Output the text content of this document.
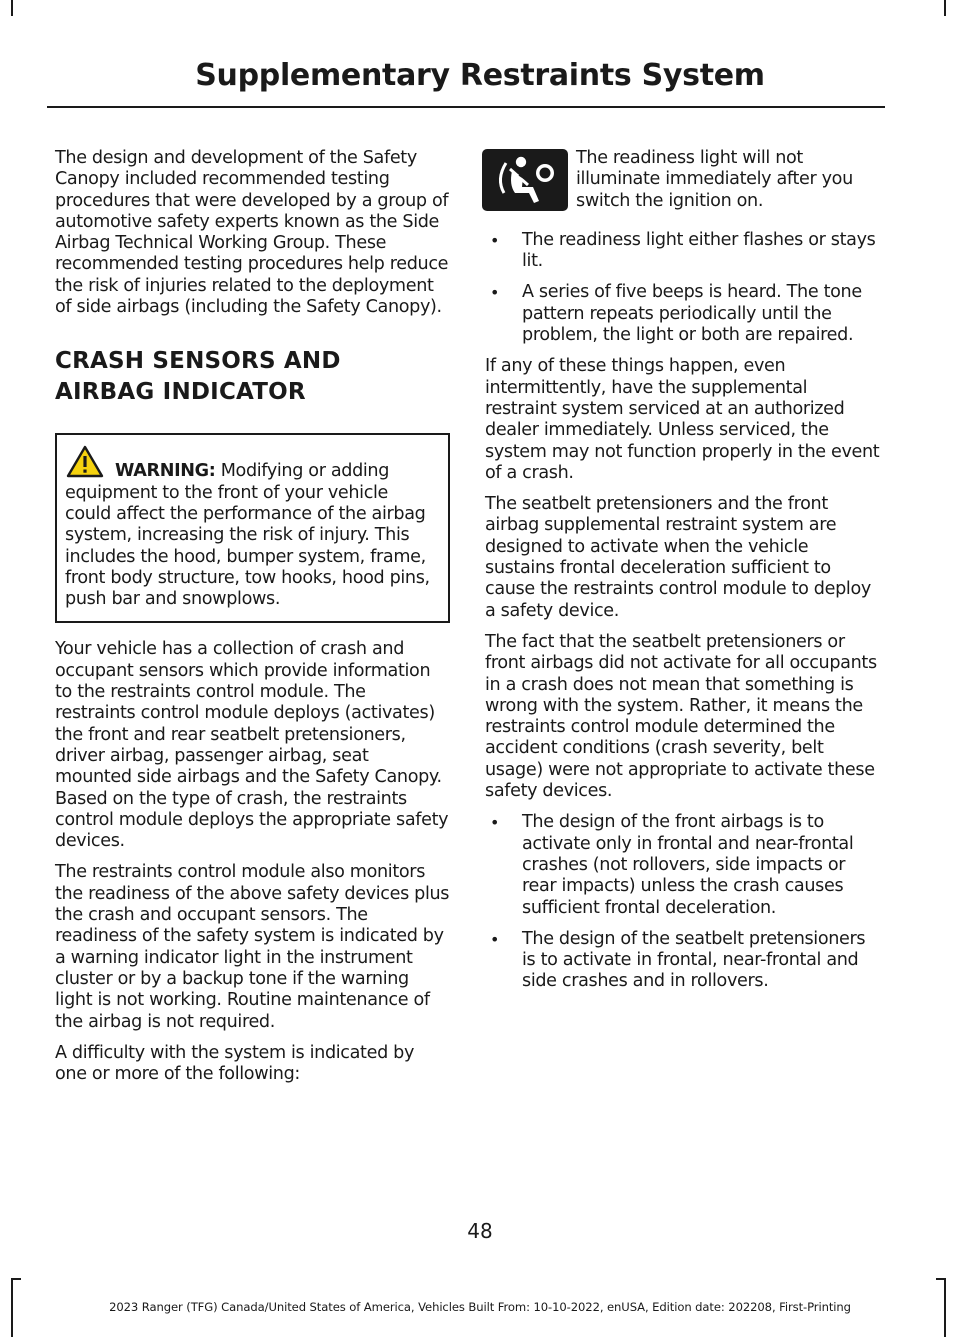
Supplementary Restraints System

The design and development of the Safety Canopy included recommended testing procedures that were developed by a group of automotive safety experts known as the Side Airbag Technical Working Group. These recommended testing procedures help reduce the risk of injuries related to the deployment of side airbags (including the Safety Canopy).

CRASH SENSORS AND
AIRBAG INDICATOR
WARNING: Modifying or adding equipment to the front of your vehicle could affect the performance of the airbag system, increasing the risk of injury. This includes the hood, bumper system, frame, front body structure, tow hooks, hood pins, push bar and snowplows.

Your vehicle has a collection of crash and occupant sensors which provide information to the restraints control module. The restraints control module deploys (activates) the front and rear seatbelt pretensioners, driver airbag, passenger airbag, seat mounted side airbags and the Safety Canopy. Based on the type of crash, the restraints control module deploys the appropriate safety devices.

The restraints control module also monitors the readiness of the above safety devices plus the crash and occupant sensors. The readiness of the safety system is indicated by a warning indicator light in the instrument cluster or by a backup tone if the warning light is not working. Routine maintenance of the airbag is not required.

A difficulty with the system is indicated by one or more of the following:

The readiness light will not illuminate immediately after you switch the ignition on.
• The readiness light either flashes or stays lit.
• A series of five beeps is heard. The tone pattern repeats periodically until the problem, the light or both are repaired.

If any of these things happen, even intermittently, have the supplemental restraint system serviced at an authorized dealer immediately. Unless serviced, the system may not function properly in the event of a crash.

The seatbelt pretensioners and the front airbag supplemental restraint system are designed to activate when the vehicle sustains frontal deceleration sufficient to cause the restraints control module to deploy a safety device.

The fact that the seatbelt pretensioners or front airbags did not activate for all occupants in a crash does not mean that something is wrong with the system. Rather, it means the restraints control module determined the accident conditions (crash severity, belt usage) were not appropriate to activate these safety devices.

• The design of the front airbags is to activate only in frontal and near-frontal crashes (not rollovers, side impacts or rear impacts) unless the crash causes sufficient frontal deceleration.
• The design of the seatbelt pretensioners is to activate in frontal, near-frontal and side crashes and in rollovers.
48
2023 Ranger (TFG) Canada/United States of America, Vehicles Built From: 10-10-2022, enUSA, Edition date: 202208, First-Printing
